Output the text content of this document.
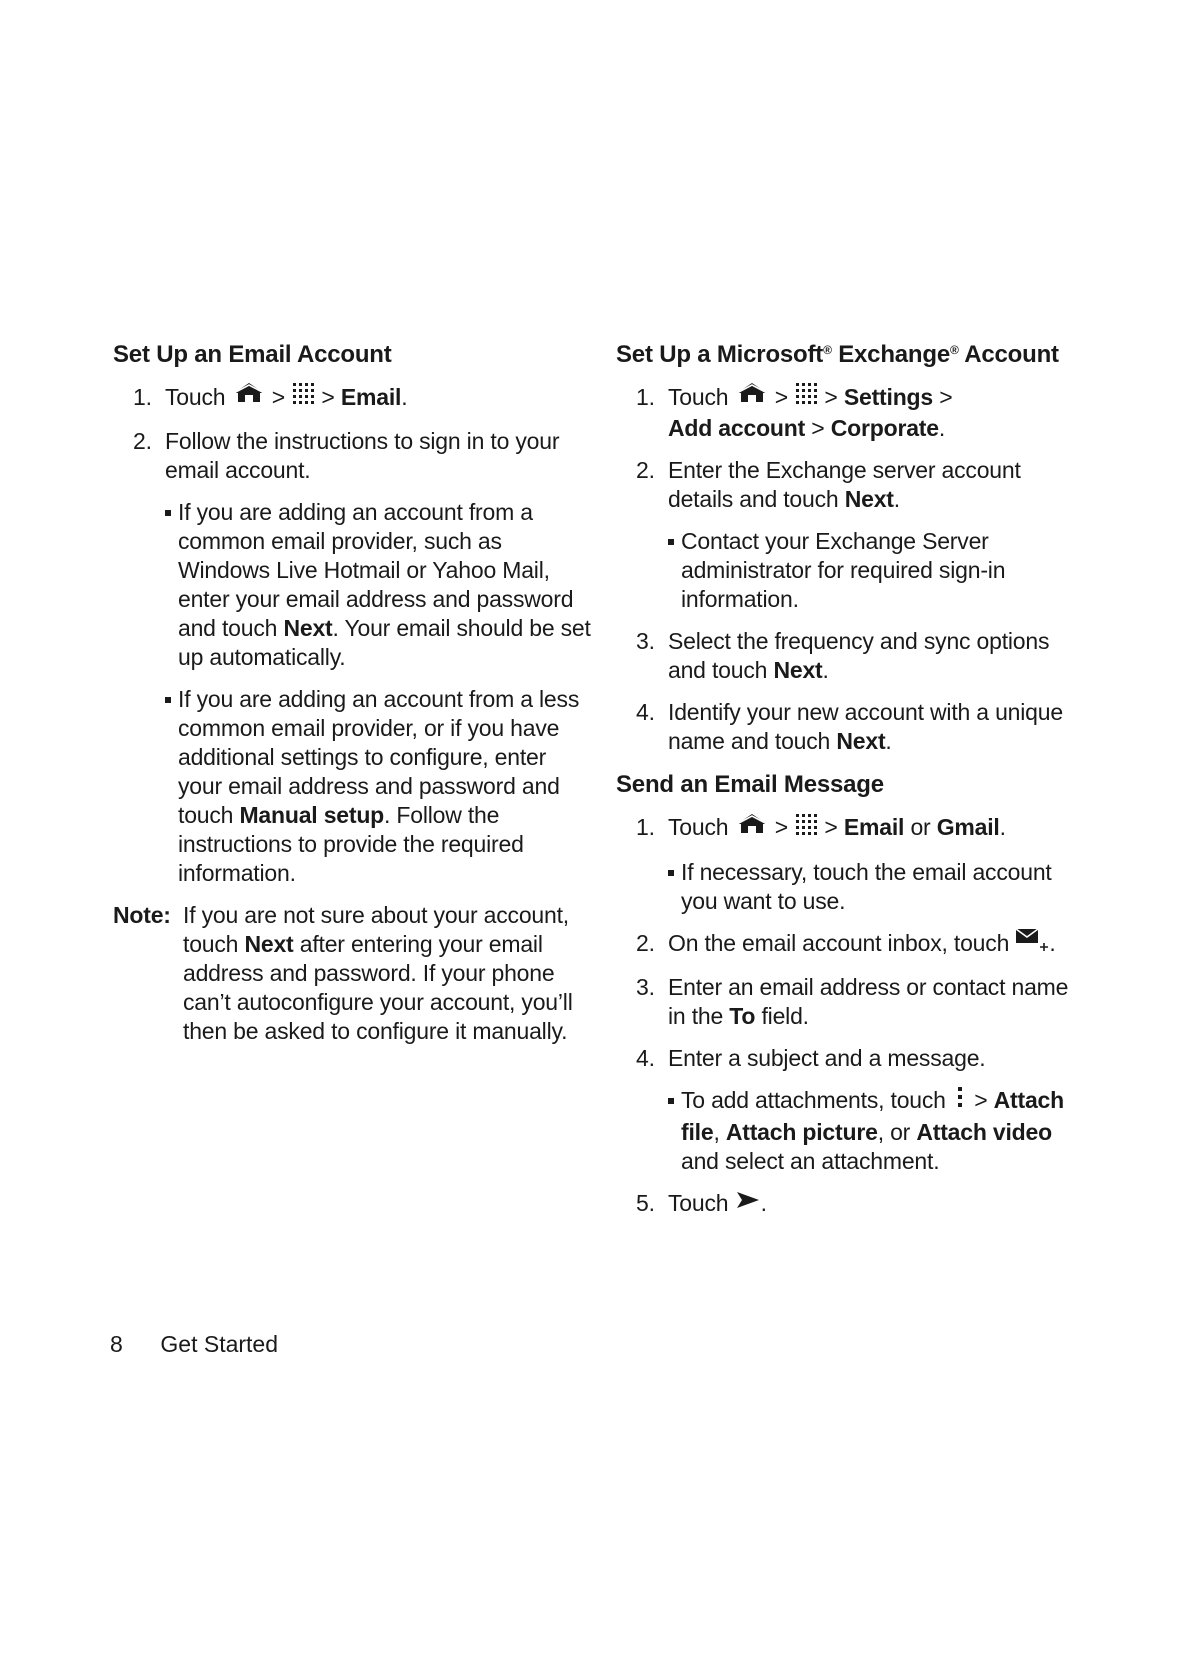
Set Up an Email Account
1. Touch > > Email.
2. Follow the instructions to sign in to your email account.
If you are adding an account from a common email provider, such as Windows Live Hotmail or Yahoo Mail, enter your email address and password and touch Next. Your email should be set up automatically.
If you are adding an account from a less common email provider, or if you have additional settings to configure, enter your email address and password and touch Manual setup. Follow the instructions to provide the required information.
Note: If you are not sure about your account, touch Next after entering your email address and password. If your phone can’t autoconfigure your account, you’ll then be asked to configure it manually.
Set Up a Microsoft® Exchange® Account
1. Touch > > Settings >
Add account > Corporate.
2. Enter the Exchange server account details and touch Next.
Contact your Exchange Server administrator for required sign-in information.
3. Select the frequency and sync options and touch Next.
4. Identify your new account with a unique name and touch Next.
Send an Email Message
1. Touch > > Email or Gmail.
If necessary, touch the email account you want to use.
2. On the email account inbox, touch .
3. Enter an email address or contact name in the To field.
4. Enter a subject and a message.
To add attachments, touch > Attach file, Attach picture, or Attach video and select an attachment.
5. Touch .
8 Get Started
